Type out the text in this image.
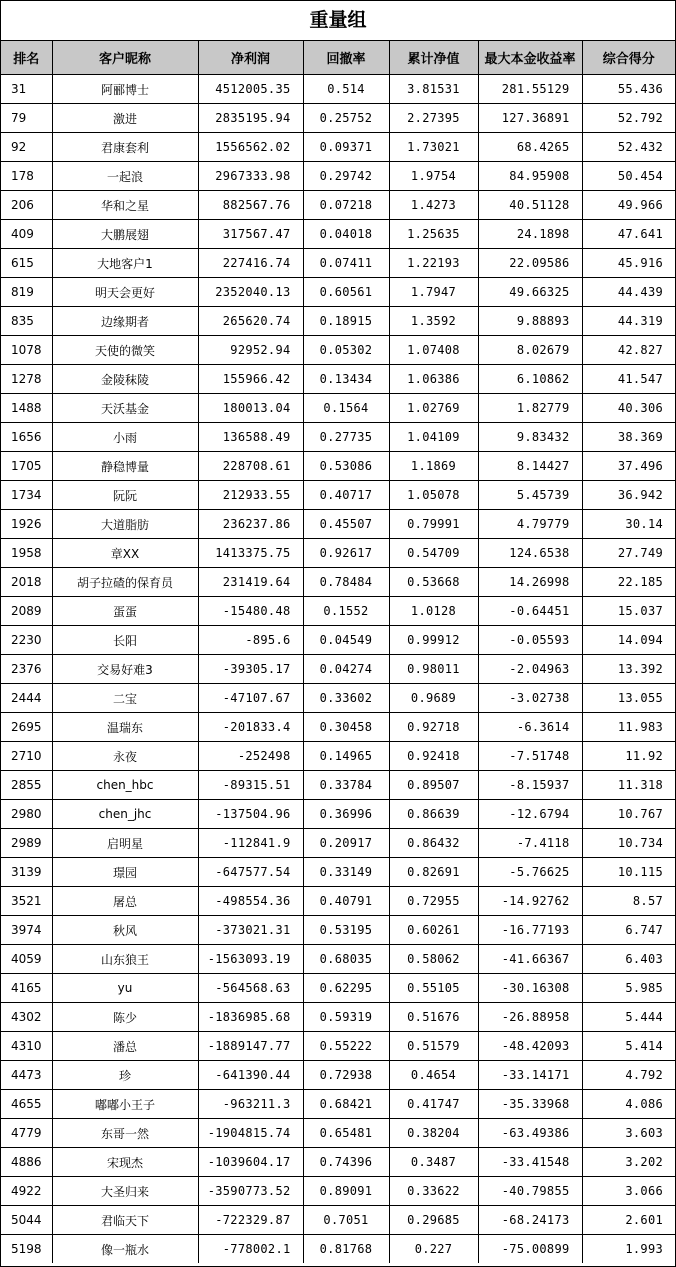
重量组
排名	客户昵称	净利润	回撤率	累计净值	最大本金收益率	综合得分
31	阿郦博士	4512005.35	0.514	3.81531	281.55129	55.436
79	激进	2835195.94	0.25752	2.27395	127.36891	52.792
92	君康套利	1556562.02	0.09371	1.73021	68.4265	52.432
178	一起浪	2967333.98	0.29742	1.9754	84.95908	50.454
206	华和之星	882567.76	0.07218	1.4273	40.51128	49.966
409	大鹏展翅	317567.47	0.04018	1.25635	24.1898	47.641
615	大地客户1	227416.74	0.07411	1.22193	22.09586	45.916
819	明天会更好	2352040.13	0.60561	1.7947	49.66325	44.439
835	边缘期者	265620.74	0.18915	1.3592	9.88893	44.319
1078	天使的微笑	92952.94	0.05302	1.07408	8.02679	42.827
1278	金陵秣陵	155966.42	0.13434	1.06386	6.10862	41.547
1488	天沃基金	180013.04	0.1564	1.02769	1.82779	40.306
1656	小雨	136588.49	0.27735	1.04109	9.83432	38.369
1705	静稳博量	228708.61	0.53086	1.1869	8.14427	37.496
1734	阮阮	212933.55	0.40717	1.05078	5.45739	36.942
1926	大道脂肪	236237.86	0.45507	0.79991	4.79779	30.14
1958	章XX	1413375.75	0.92617	0.54709	124.6538	27.749
2018	胡子拉碴的保育员	231419.64	0.78484	0.53668	14.26998	22.185
2089	蛋蛋	-15480.48	0.1552	1.0128	-0.64451	15.037
2230	长阳	-895.6	0.04549	0.99912	-0.05593	14.094
2376	交易好难3	-39305.17	0.04274	0.98011	-2.04963	13.392
2444	二宝	-47107.67	0.33602	0.9689	-3.02738	13.055
2695	温瑞东	-201833.4	0.30458	0.92718	-6.3614	11.983
2710	永夜	-252498	0.14965	0.92418	-7.51748	11.92
2855	chen_hbc	-89315.51	0.33784	0.89507	-8.15937	11.318
2980	chen_jhc	-137504.96	0.36996	0.86639	-12.6794	10.767
2989	启明星	-112841.9	0.20917	0.86432	-7.4118	10.734
3139	璟园	-647577.54	0.33149	0.82691	-5.76625	10.115
3521	屠总	-498554.36	0.40791	0.72955	-14.92762	8.57
3974	秋风	-373021.31	0.53195	0.60261	-16.77193	6.747
4059	山东狼王	-1563093.19	0.68035	0.58062	-41.66367	6.403
4165	yu	-564568.63	0.62295	0.55105	-30.16308	5.985
4302	陈少	-1836985.68	0.59319	0.51676	-26.88958	5.444
4310	潘总	-1889147.77	0.55222	0.51579	-48.42093	5.414
4473	珍	-641390.44	0.72938	0.4654	-33.14171	4.792
4655	嘟嘟小王子	-963211.3	0.68421	0.41747	-35.33968	4.086
4779	东哥一然	-1904815.74	0.65481	0.38204	-63.49386	3.603
4886	宋现杰	-1039604.17	0.74396	0.3487	-33.41548	3.202
4922	大圣归来	-3590773.52	0.89091	0.33622	-40.79855	3.066
5044	君临天下	-722329.87	0.7051	0.29685	-68.24173	2.601
5198	像一瓶水	-778002.1	0.81768	0.227	-75.00899	1.993
